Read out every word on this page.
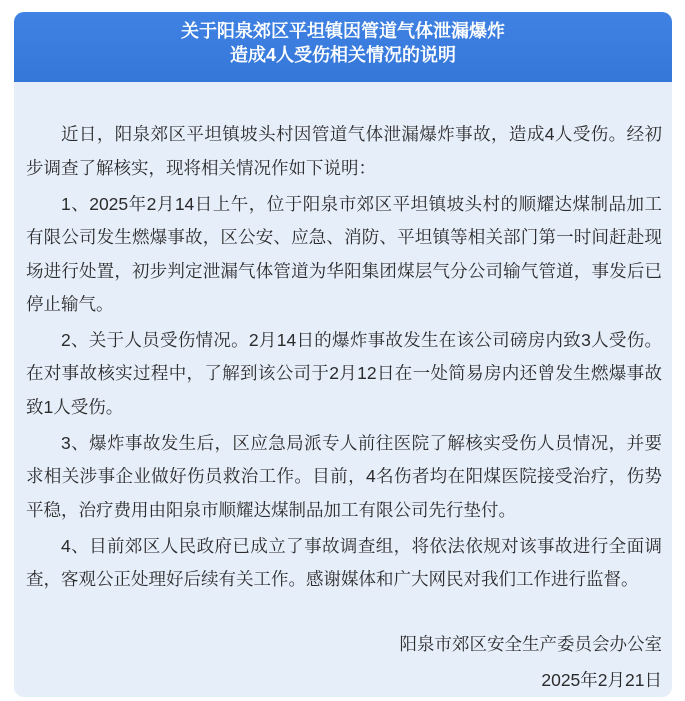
关于阳泉郊区平坦镇因管道气体泄漏爆炸
造成4人受伤相关情况的说明
近日，阳泉郊区平坦镇坡头村因管道气体泄漏爆炸事故，造成4人受伤。经初
步调查了解核实，现将相关情况作如下说明：
1、2025年2月14日上午，位于阳泉市郊区平坦镇坡头村的顺耀达煤制品加工
有限公司发生燃爆事故，区公安、应急、消防、平坦镇等相关部门第一时间赶赴现
场进行处置，初步判定泄漏气体管道为华阳集团煤层气分公司输气管道，事发后已
停止输气。
2、关于人员受伤情况。2月14日的爆炸事故发生在该公司磅房内致3人受伤。
在对事故核实过程中，了解到该公司于2月12日在一处简易房内还曾发生燃爆事故
致1人受伤。
3、爆炸事故发生后，区应急局派专人前往医院了解核实受伤人员情况，并要
求相关涉事企业做好伤员救治工作。目前，4名伤者均在阳煤医院接受治疗，伤势
平稳，治疗费用由阳泉市顺耀达煤制品加工有限公司先行垫付。
4、目前郊区人民政府已成立了事故调查组，将依法依规对该事故进行全面调
查，客观公正处理好后续有关工作。感谢媒体和广大网民对我们工作进行监督。
阳泉市郊区安全生产委员会办公室
2025年2月21日
